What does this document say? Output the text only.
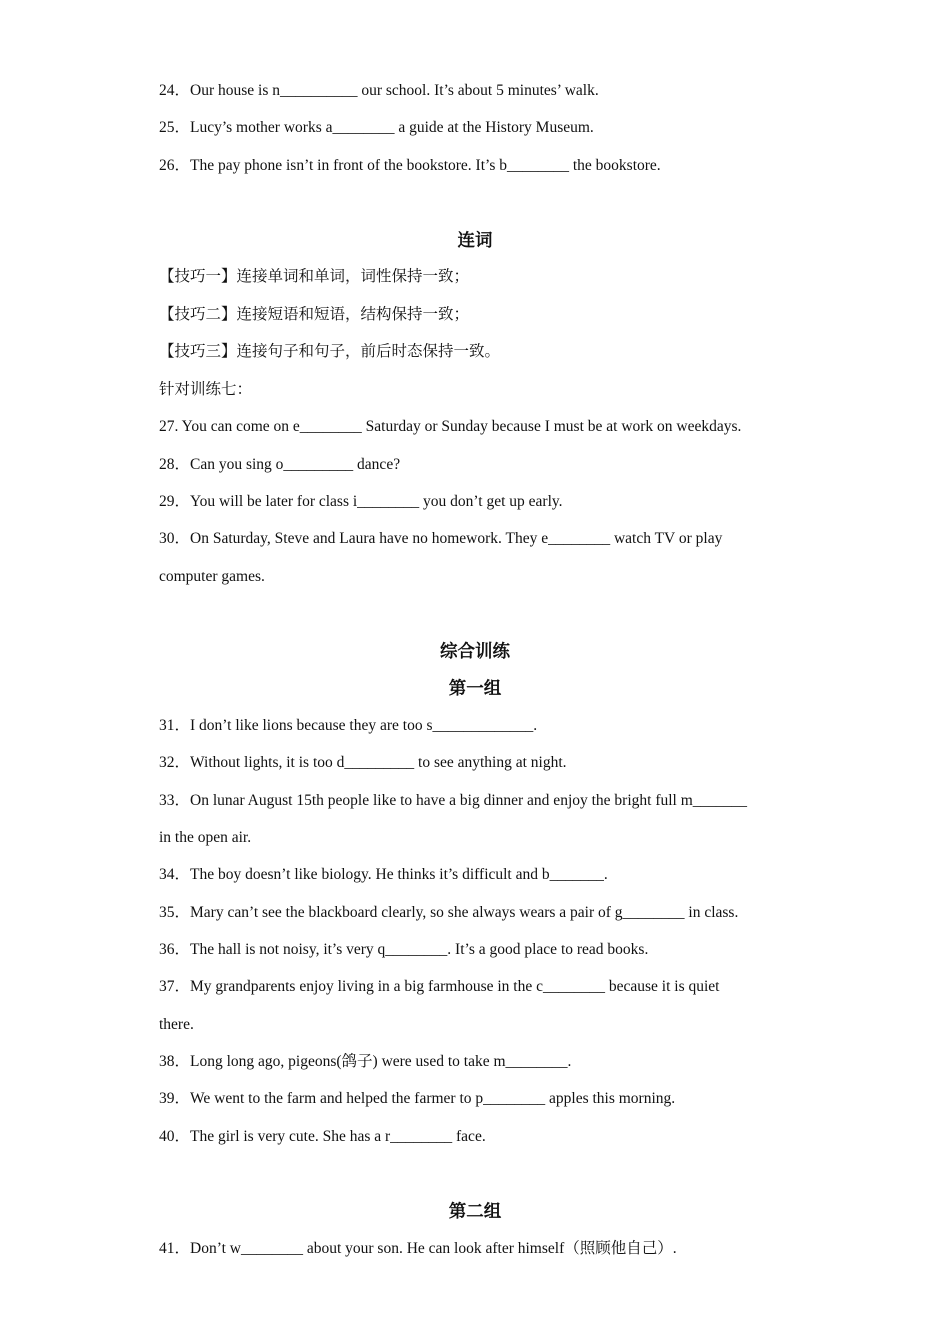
24．Our house is n__________ our school. It’s about 5 minutes’ walk.
25．Lucy’s mother works a________ a guide at the History Museum.
26．The pay phone isn’t in front of the bookstore. It’s b________ the bookstore.
连词
【技巧一】连接单词和单词，词性保持一致；
【技巧二】连接短语和短语，结构保持一致；
【技巧三】连接句子和句子，前后时态保持一致。
针对训练七：
27. You can come on e________ Saturday or Sunday because I must be at work on weekdays.
28．Can you sing o_________ dance?
29．You will be later for class i________ you don’t get up early.
30．On Saturday, Steve and Laura have no homework. They e________ watch TV or play
computer games.
综合训练
第一组
31．I don’t like lions because they are too s_____________.
32．Without lights, it is too d_________ to see anything at night.
33．On lunar August 15th people like to have a big dinner and enjoy the bright full m_______
in the open air.
34．The boy doesn’t like biology. He thinks it’s difficult and b_______.
35．Mary can’t see the blackboard clearly, so she always wears a pair of g________ in class.
36．The hall is not noisy, it’s very q________. It’s a good place to read books.
37．My grandparents enjoy living in a big farmhouse in the c________ because it is quiet
there.
38．Long long ago, pigeons(鸽子) were used to take m________.
39．We went to the farm and helped the farmer to p________ apples this morning.
40．The girl is very cute. She has a r________ face.
第二组
41．Don’t w________ about your son. He can look after himself（照顾他自己）.
